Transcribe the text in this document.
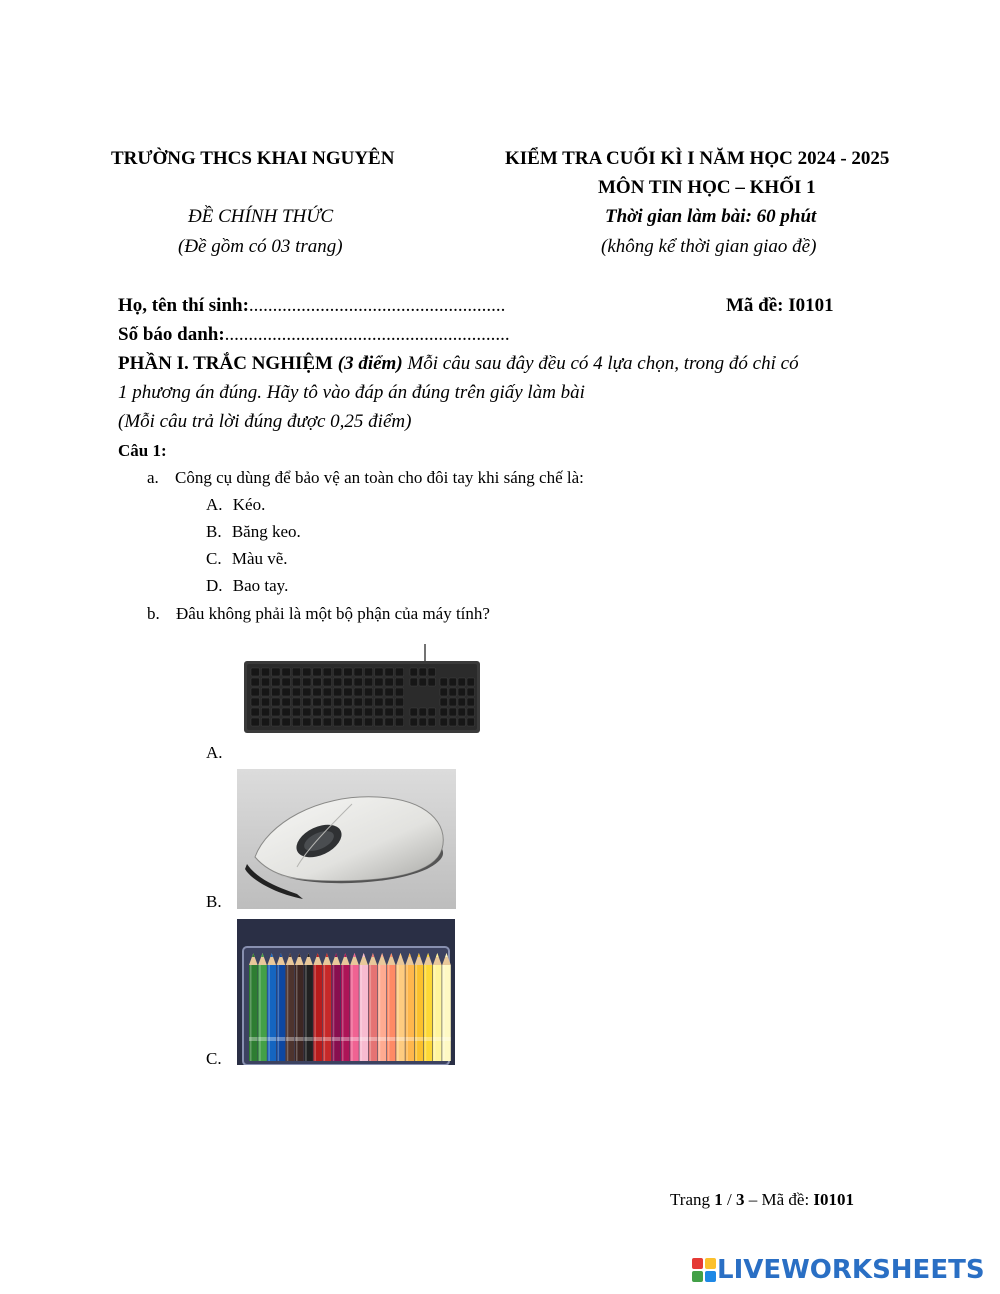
TRƯỜNG THCS KHAI NGUYÊN	KIỂM TRA CUỐI KÌ I NĂM HỌC 2024 - 2025
MÔN TIN HỌC – KHỐI 1
ĐỀ CHÍNH THỨC	Thời gian làm bài: 60 phút
(Đề gồm có 03 trang)	(không kể thời gian giao đề)
Họ, tên thí sinh:......................................................	Mã đề: I0101
Số báo danh:............................................................
PHẦN I. TRẮC NGHIỆM (3 điểm) Mỗi câu sau đây đều có 4 lựa chọn, trong đó chỉ có
1 phương án đúng. Hãy tô vào đáp án đúng trên giấy làm bài
(Mỗi câu trả lời đúng được 0,25 điểm)
Câu 1:
a. Công cụ dùng để bảo vệ an toàn cho đôi tay khi sáng chế là:
A. Kéo.
B. Băng keo.
C. Màu vẽ.
D. Bao tay.
b. Đâu không phải là một bộ phận của máy tính?
A.
B.
C.
Trang 1 / 3 – Mã đề: I0101
LIVEWORKSHEETS
